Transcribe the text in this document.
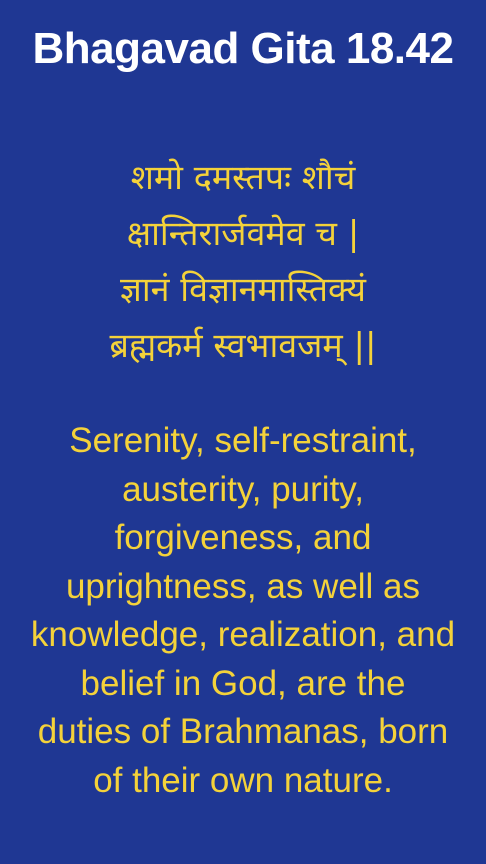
Bhagavad Gita 18.42
शमो दमस्तपः शौचं
क्षान्तिरार्जवमेव च |
ज्ञानं विज्ञानमास्तिक्यं
ब्रह्मकर्म स्वभावजम् ||
Serenity, self-restraint,
austerity, purity,
forgiveness, and
uprightness, as well as
knowledge, realization, and
belief in God, are the
duties of Brahmanas, born
of their own nature.
